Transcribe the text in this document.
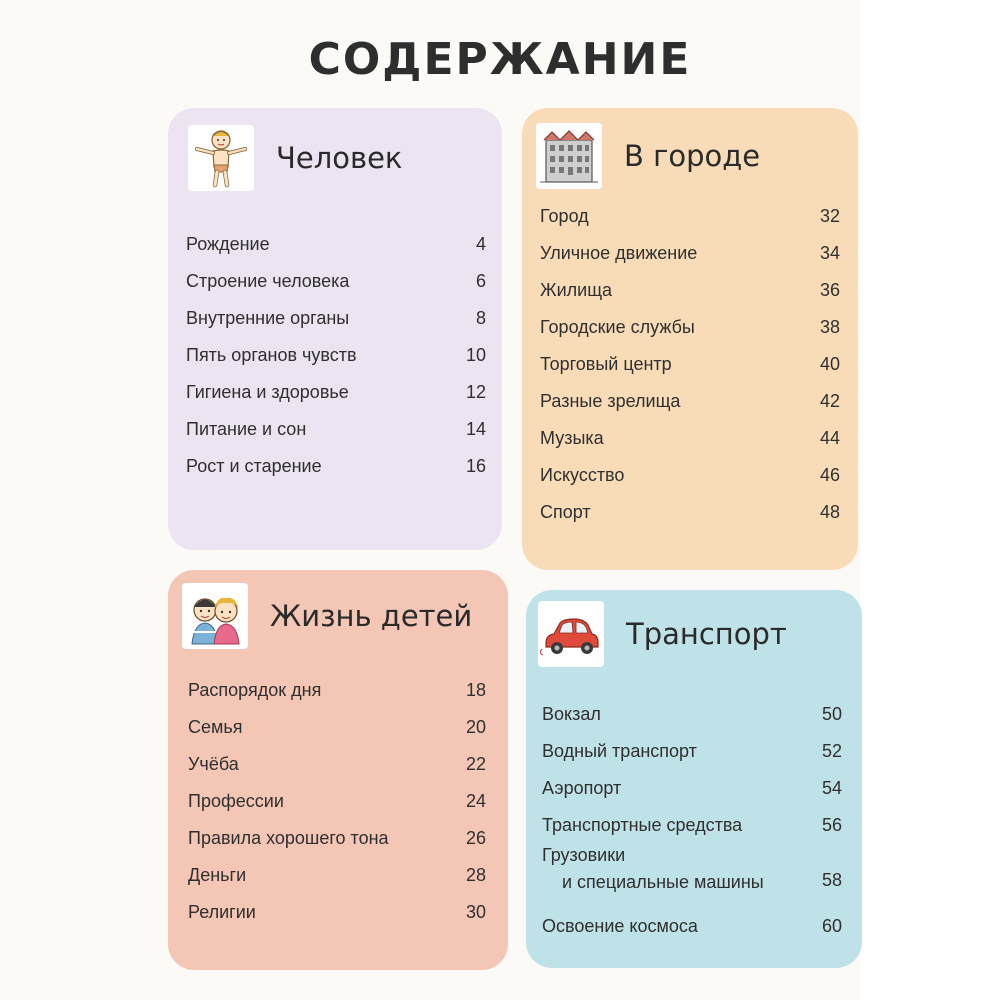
СОДЕРЖАНИЕ
Человек
Рождение	4
Строение человека	6
Внутренние органы	8
Пять органов чувств	10
Гигиена и здоровье	12
Питание и сон	14
Рост и старение	16
В городе
Город	32
Уличное движение	34
Жилища	36
Городские службы	38
Торговый центр	40
Разные зрелища	42
Музыка	44
Искусство	46
Спорт	48
Жизнь детей
Распорядок дня	18
Семья	20
Учёба	22
Профессии	24
Правила хорошего тона	26
Деньги	28
Религии	30
Транспорт
Вокзал	50
Водный транспорт	52
Аэропорт	54
Транспортные средства	56
Грузовики
и специальные машины	58
Освоение космоса	60
